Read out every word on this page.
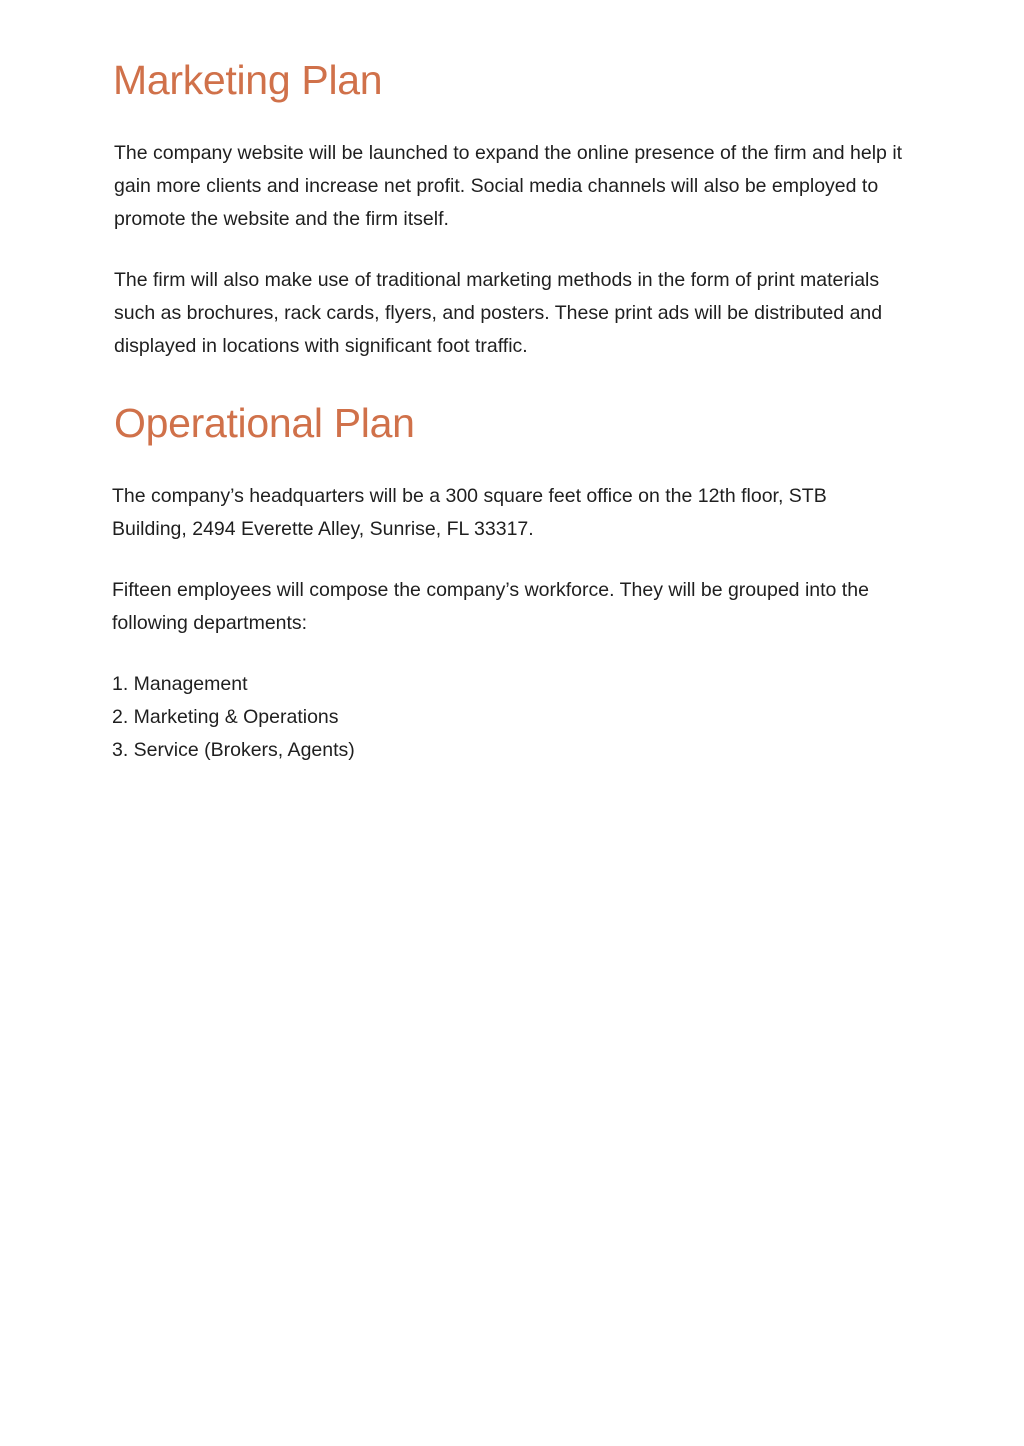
Marketing Plan

The company website will be launched to expand the online presence of the firm and help it gain more clients and increase net profit. Social media channels will also be employed to promote the website and the firm itself.

The firm will also make use of traditional marketing methods in the form of print materials such as brochures, rack cards, flyers, and posters. These print ads will be distributed and displayed in locations with significant foot traffic.

Operational Plan

The company’s headquarters will be a 300 square feet office on the 12th floor, STB Building, 2494 Everette Alley, Sunrise, FL 33317.

Fifteen employees will compose the company’s workforce. They will be grouped into the following departments:

1. Management
2. Marketing & Operations
3. Service (Brokers, Agents)
